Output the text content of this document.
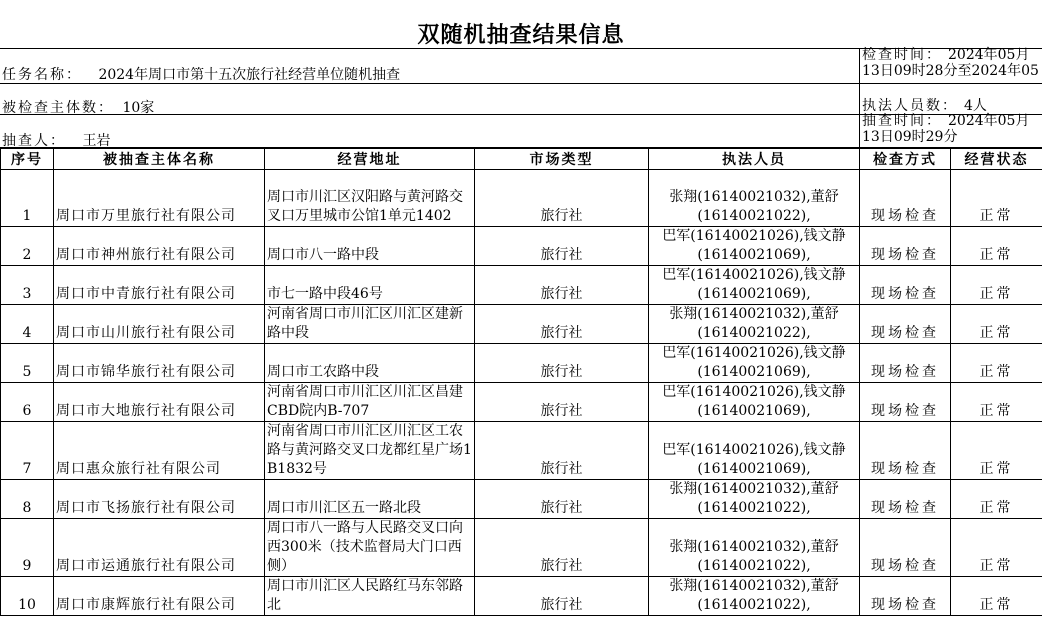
双随机抽查结果信息
任务名称： 2024年周口市第十五次旅行社经营单位随机抽查
被检查主体数： 10家
抽查人： 王岩
检查时间： 2024年05月
13日09时28分至2024年05
执法人员数： 4人
抽查时间： 2024年05月
13日09时29分
序号	被抽查主体名称	经营地址	市场类型	执法人员	检查方式	经营状态
1	周口市万里旅行社有限公司	周口市川汇区汉阳路与黄河路交叉口万里城市公馆1单元1402	旅行社	张翔(16140021032),董舒(16140021022),	现场检查	正常
2	周口市神州旅行社有限公司	周口市八一路中段	旅行社	巴军(16140021026),钱文静(16140021069),	现场检查	正常
3	周口市中青旅行社有限公司	市七一路中段46号	旅行社	巴军(16140021026),钱文静(16140021069),	现场检查	正常
4	周口市山川旅行社有限公司	河南省周口市川汇区川汇区建新路中段	旅行社	张翔(16140021032),董舒(16140021022),	现场检查	正常
5	周口市锦华旅行社有限公司	周口市工农路中段	旅行社	巴军(16140021026),钱文静(16140021069),	现场检查	正常
6	周口市大地旅行社有限公司	河南省周口市川汇区川汇区昌建CBD院内B-707	旅行社	巴军(16140021026),钱文静(16140021069),	现场检查	正常
7	周口惠众旅行社有限公司	河南省周口市川汇区川汇区工农路与黄河路交叉口龙都红星广场1B1832号	旅行社	巴军(16140021026),钱文静(16140021069),	现场检查	正常
8	周口市飞扬旅行社有限公司	周口市川汇区五一路北段	旅行社	张翔(16140021032),董舒(16140021022),	现场检查	正常
9	周口市运通旅行社有限公司	周口市八一路与人民路交叉口向西300米（技术监督局大门口西侧）	旅行社	张翔(16140021032),董舒(16140021022),	现场检查	正常
10	周口市康辉旅行社有限公司	周口市川汇区人民路红马东邻路北	旅行社	张翔(16140021032),董舒(16140021022),	现场检查	正常
